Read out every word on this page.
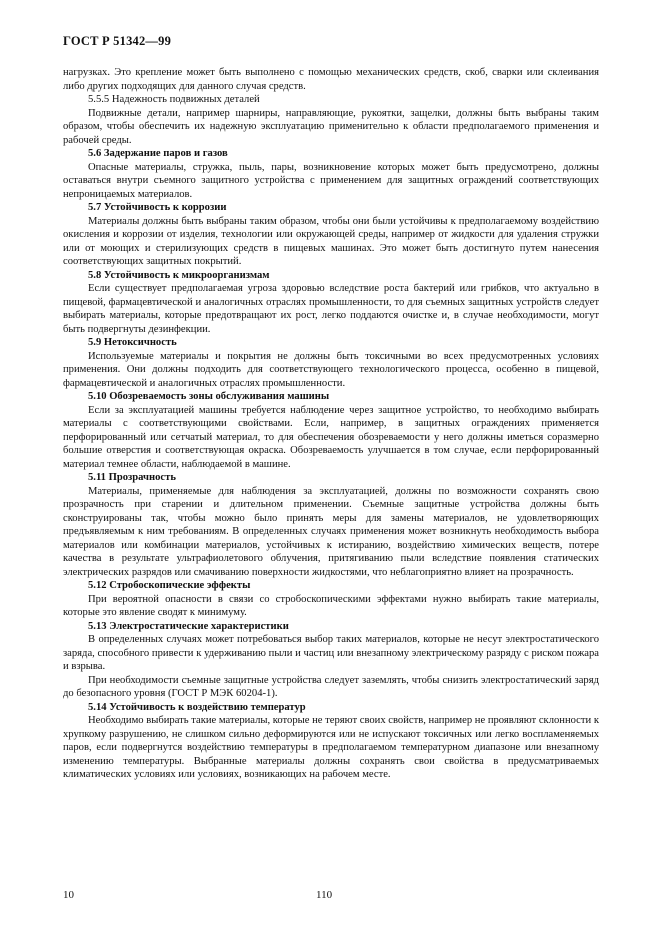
ГОСТ Р 51342—99

нагрузках. Это крепление может быть выполнено с помощью механических средств, скоб, сварки или склеивания либо других подходящих для данного случая средств.

5.5.5 Надежность подвижных деталей

Подвижные детали, например шарниры, направляющие, рукоятки, защелки, должны быть выбраны таким образом, чтобы обеспечить их надежную эксплуатацию применительно к области предполагаемого применения и рабочей среды.

5.6 Задержание паров и газов

Опасные материалы, стружка, пыль, пары, возникновение которых может быть предусмотрено, должны оставаться внутри съемного защитного устройства с применением для защитных ограждений соответствующих непроницаемых материалов.

5.7 Устойчивость к коррозии

Материалы должны быть выбраны таким образом, чтобы они были устойчивы к предполагаемому воздействию окисления и коррозии от изделия, технологии или окружающей среды, например от жидкости для удаления стружки или от моющих и стерилизующих средств в пищевых машинах. Это может быть достигнуто путем нанесения соответствующих защитных покрытий.

5.8 Устойчивость к микроорганизмам

Если существует предполагаемая угроза здоровью вследствие роста бактерий или грибков, что актуально в пищевой, фармацевтической и аналогичных отраслях промышленности, то для съемных защитных устройств следует выбирать материалы, которые предотвращают их рост, легко поддаются очистке и, в случае необходимости, могут быть подвергнуты дезинфекции.

5.9 Нетоксичность

Используемые материалы и покрытия не должны быть токсичными во всех предусмотренных условиях применения. Они должны подходить для соответствующего технологического процесса, особенно в пищевой, фармацевтической и аналогичных отраслях промышленности.

5.10 Обозреваемость зоны обслуживания машины

Если за эксплуатацией машины требуется наблюдение через защитное устройство, то необходимо выбирать материалы с соответствующими свойствами. Если, например, в защитных ограждениях применяется перфорированный или сетчатый материал, то для обеспечения обозреваемости у него должны иметься соразмерно большие отверстия и соответствующая окраска. Обозреваемость улучшается в том случае, если перфорированный материал темнее области, наблюдаемой в машине.

5.11 Прозрачность

Материалы, применяемые для наблюдения за эксплуатацией, должны по возможности сохранять свою прозрачность при старении и длительном применении. Съемные защитные устройства должны быть сконструированы так, чтобы можно было принять меры для замены материалов, не удовлетворяющих предъявляемым к ним требованиям. В определенных случаях применения может возникнуть необходимость выбора материалов или комбинации материалов, устойчивых к истиранию, воздействию химических веществ, потере качества в результате ультрафиолетового облучения, притягиванию пыли вследствие появления статических электрических разрядов или смачиванию поверхности жидкостями, что неблагоприятно влияет на прозрачность.

5.12 Стробоскопические эффекты

При вероятной опасности в связи со стробоскопическими эффектами нужно выбирать такие материалы, которые это явление сводят к минимуму.

5.13 Электростатические характеристики

В определенных случаях может потребоваться выбор таких материалов, которые не несут электростатического заряда, способного привести к удерживанию пыли и частиц или внезапному электрическому разряду с риском пожара и взрыва.

При необходимости съемные защитные устройства следует заземлять, чтобы снизить электростатический заряд до безопасного уровня (ГОСТ Р МЭК 60204-1).

5.14 Устойчивость к воздействию температур

Необходимо выбирать такие материалы, которые не теряют своих свойств, например не проявляют склонности к хрупкому разрушению, не слишком сильно деформируются или не испускают токсичных или легко воспламеняемых паров, если подвергнутся воздействию температуры в предполагаемом температурном диапазоне или внезапному изменению температуры. Выбранные материалы должны сохранять свои свойства в предусматриваемых климатических условиях или условиях, возникающих на рабочем месте.

10	110
